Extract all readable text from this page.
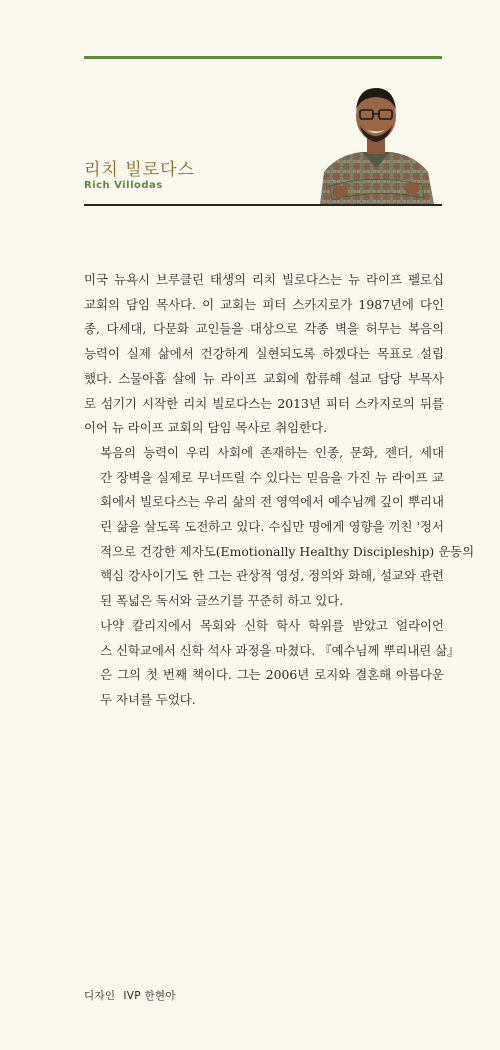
리치 빌로다스
Rich Villodas

미국 뉴욕시 브루클린 태생의 리치 빌로다스는 뉴 라이프 펠로십
교회의 담임 목사다. 이 교회는 피터 스카지로가 1987년에 다인
종, 다세대, 다문화 교인들을 대상으로 각종 벽을 허무는 복음의
능력이 실제 삶에서 건강하게 실현되도록 하겠다는 목표로 설립
했다. 스물아홉 살에 뉴 라이프 교회에 합류해 설교 담당 부목사
로 섬기기 시작한 리치 빌로다스는 2013년 피터 스카지로의 뒤를
이어 뉴 라이프 교회의 담임 목사로 취임한다.

복음의 능력이 우리 사회에 존재하는 인종, 문화, 젠더, 세대
간 장벽을 실제로 무너뜨릴 수 있다는 믿음을 가진 뉴 라이프 교
회에서 빌로다스는 우리 삶의 전 영역에서 예수님께 깊이 뿌리내
린 삶을 살도록 도전하고 있다. 수십만 명에게 영향을 끼친 '정서
적으로 건강한 제자도(Emotionally Healthy Discipleship) 운동의
핵심 강사이기도 한 그는 관상적 영성, 정의와 화해, 설교와 관련
된 폭넓은 독서와 글쓰기를 꾸준히 하고 있다.

나약 칼리지에서 목회와 신학 학사 학위를 받았고 얼라이언
스 신학교에서 신학 석사 과정을 마쳤다. 『예수님께 뿌리내린 삶』
은 그의 첫 번째 책이다. 그는 2006년 로지와 결혼해 아름다운
두 자녀를 두었다.

디자인 IVP 한현아
